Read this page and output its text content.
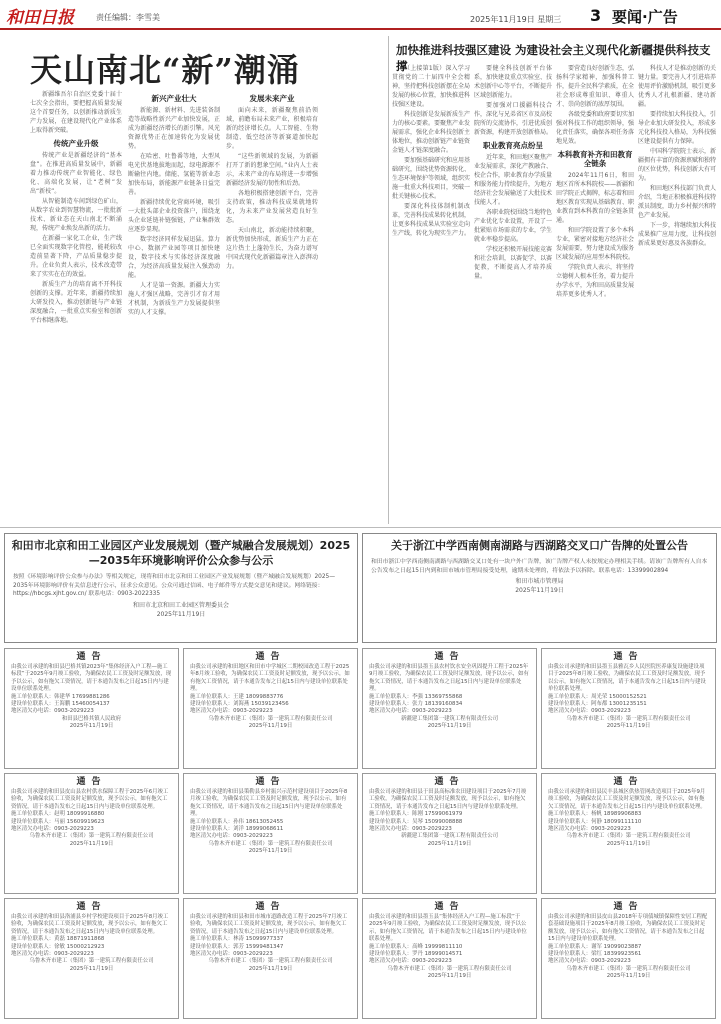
和田日报	责任编辑：李雪美	2025年11月19日 星期三 3 要闻·广告
天山南北“新”潮涌

新疆维吾尔自治区党委十届十七次全会指出，要把握高质量发展这个首要任务，以创新推动新质生产力发展，在建设现代化产业体系上取得新突破。

传统产业升级

传统产业是新疆经济的“基本盘”。在推进高质量发展中，新疆着力推动传统产业智能化、绿色化、高端化发展，让“老树”发出“新枝”。

从智能制造车间到绿色矿山，从数字农业到智慧物流，一批批新技术、新业态在天山南北不断涌现，传统产业焕发出新的活力。

在新疆一家化工企业，生产线已全面实现数字化管控，能耗较改造前显著下降，产品质量稳步提升。企业负责人表示，技术改造带来了实实在在的效益。

新质生产力的培育离不开科技创新的支撑。近年来，新疆持续加大研发投入，推动创新链与产业链深度融合，一批重点实验室和创新平台相继落地。

新兴产业壮大

新能源、新材料、先进装备制造等战略性新兴产业加快发展，正成为新疆经济增长的新引擎。风光资源优势正在加速转化为发展优势。

在哈密、吐鲁番等地，大型风电光伏基地拔地而起，绿电源源不断输往内地。储能、氢能等新业态加快布局，新能源产业链条日益完善。

新疆持续优化营商环境，吸引一大批头部企业投资落户，围绕龙头企业延链补链强链，产业集群效应逐步显现。

数字经济同样发展迅猛。算力中心、数据产业园等项目加快建设，数字技术与实体经济深度融合，为经济高质量发展注入强劲动能。

人才是第一资源。新疆大力实施人才强区战略，完善引才育才用才机制，为新质生产力发展提供坚实的人才支撑。

发展未来产业

面向未来，新疆聚焦前沿领域，前瞻布局未来产业，积极培育新的经济增长点。人工智能、生物制造、低空经济等新赛道加快起步。

“这些新领域的发展，为新疆打开了新的想象空间。”业内人士表示，未来产业的布局将进一步增强新疆经济发展的韧性和后劲。

各地积极搭建创新平台，完善支持政策，推动科技成果就地转化，为未来产业发展营造良好生态。

天山南北，新动能持续积聚，新优势加快形成，新质生产力正在这片热土上蓬勃生长，为奋力谱写中国式现代化新疆篇章注入澎湃动力。

加快推进科技强区建设 为建设社会主义现代化新疆提供科技支撑

（上接第1版）深入学习贯彻党的二十届四中全会精神，坚持把科技创新摆在全局发展的核心位置，加快推进科技强区建设。

科技创新是发展新质生产力的核心要素。要聚焦产业发展需求，强化企业科技创新主体地位，推动创新链产业链资金链人才链深度融合。

要加强基础研究和应用基础研究，围绕优势资源转化、生态环境保护等领域，组织实施一批重大科技项目，突破一批关键核心技术。

要深化科技体制机制改革，完善科技成果转化机制，让更多科技成果从实验室走向生产线，转化为现实生产力。

要健全科技创新平台体系，加快建设重点实验室、技术创新中心等平台，不断提升区域创新能力。

要加强对口援疆科技合作，深化与兄弟省区市及高校院所的交流协作，引进优质创新资源，构建开放创新格局。

职业教育亮点纷呈

近年来，和田地区聚焦产业发展需求，深化产教融合、校企合作，职业教育办学质量和服务能力持续提升，为地方经济社会发展输送了大批技术技能人才。

各职业院校围绕当地特色产业优化专业设置，开设了一批紧贴市场需求的专业，学生就业率稳步提高。

学校还积极开展技能竞赛和社会培训，以赛促学、以赛促教，不断提高人才培养质量。

要营造良好创新生态，弘扬科学家精神，加强科普工作，提升全民科学素质，在全社会形成尊重知识、尊重人才、崇尚创新的浓厚氛围。

各级党委和政府要切实加强对科技工作的组织领导，强化责任落实，确保各项任务落地见效。

本科教育补齐和田教育全链条

2024年11月6日，和田地区首所本科院校——新疆和田学院正式揭牌，标志着和田地区教育实现从基础教育、职业教育到本科教育的全链条贯通。

和田学院设置了多个本科专业，紧密对接地方经济社会发展需要，努力建设成为服务区域发展的应用型本科院校。

学院负责人表示，将坚持立德树人根本任务，着力提升办学水平，为和田高质量发展培养更多优秀人才。

科技人才是推动创新的关键力量。要完善人才引进培养使用评价激励机制，吸引更多优秀人才扎根新疆、建功新疆。

要持续加大科技投入，引导企业加大研发投入，形成多元化科技投入格局，为科技强区建设提供有力保障。

中国科学院院士表示，新疆拥有丰富的资源禀赋和独特的区位优势，科技创新大有可为。

和田地区科技部门负责人介绍，当地正积极推进科技特派员制度，助力乡村振兴和特色产业发展。

下一步，将继续加大科技成果推广应用力度，让科技创新成果更好惠及各族群众。

和田市北京和田工业园区产业发展规划（暨产城融合发展规划）2025—2035年环境影响评价公众参与公示
按照《环境影响评价公众参与办法》等相关规定，现将和田市北京和田工业园区产业发展规划（暨产城融合发展规划）2025—2035年环境影响评价有关信息进行公示，征求公众意见。公众可通过信函、电子邮件等方式提交意见和建议。网络链接：https://hbcgs.xjht.gov.cn/ 联系电话：0903-2022335
和田市北京和田工业园区管理委员会
2025年11月19日
关于浙江中学西南侧南湖路与西湖路交叉口广告牌的处置公告
和田市浙江中学西南侧南湖路与西湖路交叉口处有一块户外广告牌，该广告牌产权人未按规定办理相关手续。请该广告牌所有人自本公告发布之日起15日内到和田市城市管理局接受处理，逾期未处理的，将依法予以拆除。联系电话：13399902894
和田市城市管理局
2025年11月19日
通告
由我公司承建的和田县巴格其镇2023年“集体经济入户工程—施工标段”于2025年9月竣工验收，为确保农民工工资及时足额发放，现予以公示，如有拖欠工资情况，请于本通告发布之日起15日内与建设单位联系处理。
施工单位联系人：韩建华 17699881286
建设单位联系人：王海鹏 15460054137
地区清欠办电话：0903-2029223
和田县巴格其镇人民政府
2025年11月19日
通告
由我公司承建的和田地区和田市中学城区二期校园改造工程于2025年8月竣工验收，为确保农民工工资及时足额发放，现予以公示，如有拖欠工资情况，请于本通告发布之日起15日内与建设单位联系处理。
施工单位联系人：王建 18099883776
建设单位联系人：刘海燕 15039123456
地区清欠办电话：0903-2029223
乌鲁木齐市建工（集团）第一建筑工程有限责任公司
2025年11月19日
通告
由我公司承建的和田县墨玉县农村饮水安全巩固提升工程于2025年9月竣工验收，为确保农民工工资及时足额发放，现予以公示，如有拖欠工资情况，请于本通告发布之日起15日内与建设单位联系处理。
施工单位联系人：李强 13369755868
建设单位联系人：张力 18139160834
地区清欠办电话：0903-2029223
新疆建工集团第一建筑工程有限责任公司
2025年11月19日
通告
由我公司承建的和田县墨玉县雅瓦乡人民医院医养康复设施建设项目于2025年8月竣工验收，为确保农民工工资及时足额发放，现予以公示，如有拖欠工资情况，请于本通告发布之日起15日内与建设单位联系处理。
施工单位联系人：周光荣 15000152521
建设单位联系人：阿布都 13001235151
地区清欠办电话：0903-2029223
乌鲁木齐市建工（集团）第一建筑工程有限责任公司
2025年11月19日
通告
由我公司承建的和田县皮山县农村供水保障工程于2025年6月竣工验收，为确保农民工工资及时足额发放，现予以公示，如有拖欠工资情况，请于本通告发布之日起15日内与建设单位联系处理。
施工单位联系人：赵明 18099916880
建设单位联系人：马丽 15609919623
地区清欠办电话：0903-2029223
乌鲁木齐市建工（集团）第一建筑工程有限责任公司
2025年11月19日
通告
由我公司承建的和田县策勒县乡村振兴示范村建设项目于2025年8月竣工验收，为确保农民工工资及时足额发放，现予以公示，如有拖欠工资情况，请于本通告发布之日起15日内与建设单位联系处理。
施工单位联系人：孙伟 18613052455
建设单位联系人：刘洋 18999068611
地区清欠办电话：0903-2029223
乌鲁木齐市建工（集团）第一建筑工程有限责任公司
2025年11月19日
通告
由我公司承建的和田县于田县高标准农田建设项目于2025年7月竣工验收，为确保农民工工资及时足额发放，现予以公示，如有拖欠工资情况，请于本通告发布之日起15日内与建设单位联系处理。
施工单位联系人：陈刚 17599061979
建设单位联系人：吴琴 15099008888
地区清欠办电话：0903-2029223
新疆建工集团第一建筑工程有限责任公司
2025年11月19日
通告
由我公司承建的和田县民丰县城区供热管网改造项目于2025年9月竣工验收，为确保农民工工资及时足额发放，现予以公示，如有拖欠工资情况，请于本通告发布之日起15日内与建设单位联系处理。
施工单位联系人：杨帆 18989906883
建设单位联系人：何静 18099111110
地区清欠办电话：0903-2029223
乌鲁木齐市建工（集团）第一建筑工程有限责任公司
2025年11月19日
通告
由我公司承建的和田县洛浦县乡村学校建设项目于2025年8月竣工验收，为确保农民工工资及时足额发放，现予以公示，如有拖欠工资情况，请于本通告发布之日起15日内与建设单位联系处理。
施工单位联系人：黄磊 18871911868
建设单位联系人：徐敏 15000212923
地区清欠办电话：0903-2029223
乌鲁木齐市建工（集团）第一建筑工程有限责任公司
2025年11月19日
通告
由我公司承建的和田县和田市城市道路改造工程于2025年7月竣工验收，为确保农民工工资及时足额发放，现予以公示，如有拖欠工资情况，请于本通告发布之日起15日内与建设单位联系处理。
施工单位联系人：林涛 15099977337
建设单位联系人：郭芳 15999481347
地区清欠办电话：0903-2029223
乌鲁木齐市建工（集团）第一建筑工程有限责任公司
2025年11月19日
通告
由我公司承建的和田县墨玉县“集体经济入户工程—施工标段”于2025年9月竣工验收，为确保农民工工资及时足额发放，现予以公示，如有拖欠工资情况，请于本通告发布之日起15日内与建设单位联系处理。
施工单位联系人：高峰 19999811110
建设单位联系人：罗丹 18999014571
地区清欠办电话：0903-2029223
乌鲁木齐市建工（集团）第一建筑工程有限责任公司
2025年11月19日
通告
由我公司承建的和田县皮山县2018年专项债城镇保障性安居工程配套基础设施项目于2025年8月竣工验收，为确保农民工工资及时足额发放，现予以公示，如有拖欠工资情况，请于本通告发布之日起15日内与建设单位联系处理。
施工单位联系人：谢军 19099023887
建设单位联系人：梁红 18399923561
地区清欠办电话：0903-2029223
乌鲁木齐市建工（集团）第一建筑工程有限责任公司
2025年11月19日
